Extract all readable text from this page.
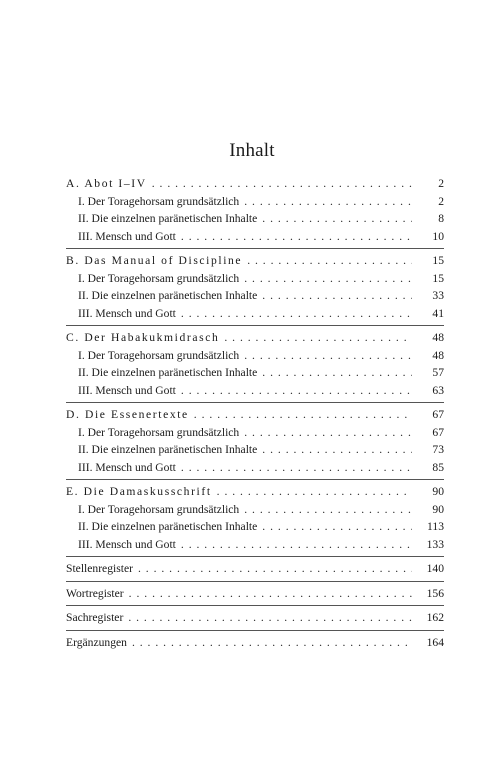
Inhalt
A. Abot I–IV . . .	2
I. Der Toragehorsam grundsätzlich . . .	2
II. Die einzelnen paränetischen Inhalte . . .	8
III. Mensch und Gott . . .	10
B. Das Manual of Discipline . . .	15
I. Der Toragehorsam grundsätzlich . . .	15
II. Die einzelnen paränetischen Inhalte . . .	33
III. Mensch und Gott . . .	41
C. Der Habakukmidrasch . . .	48
I. Der Toragehorsam grundsätzlich . . .	48
II. Die einzelnen paränetischen Inhalte . . .	57
III. Mensch und Gott . . .	63
D. Die Essenertexte . . .	67
I. Der Toragehorsam grundsätzlich . . .	67
II. Die einzelnen paränetischen Inhalte . . .	73
III. Mensch und Gott . . .	85
E. Die Damaskusschrift . . .	90
I. Der Toragehorsam grundsätzlich . . .	90
II. Die einzelnen paränetischen Inhalte . . .	113
III. Mensch und Gott . . .	133
Stellenregister . . .	140
Wortregister . . .	156
Sachregister . . .	162
Ergänzungen . . .	164
